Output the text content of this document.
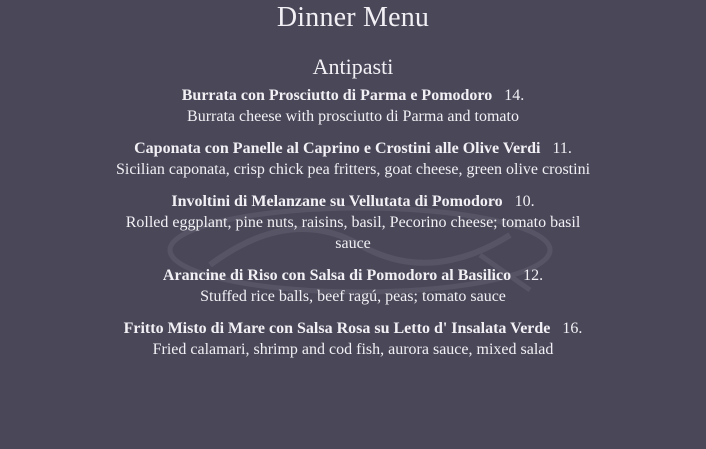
Dinner Menu
Antipasti

Burrata con Prosciutto di Parma e Pomodoro 14.

Burrata cheese with prosciutto di Parma and tomato

Caponata con Panelle al Caprino e Crostini alle Olive Verdi 11.

Sicilian caponata, crisp chick pea fritters, goat cheese, green olive crostini

Involtini di Melanzane su Vellutata di Pomodoro 10.

Rolled eggplant, pine nuts, raisins, basil, Pecorino cheese; tomato basil sauce

Arancine di Riso con Salsa di Pomodoro al Basilico 12.

Stuffed rice balls, beef ragú, peas; tomato sauce

Fritto Misto di Mare con Salsa Rosa su Letto d' Insalata Verde 16.

Fried calamari, shrimp and cod fish, aurora sauce, mixed salad
